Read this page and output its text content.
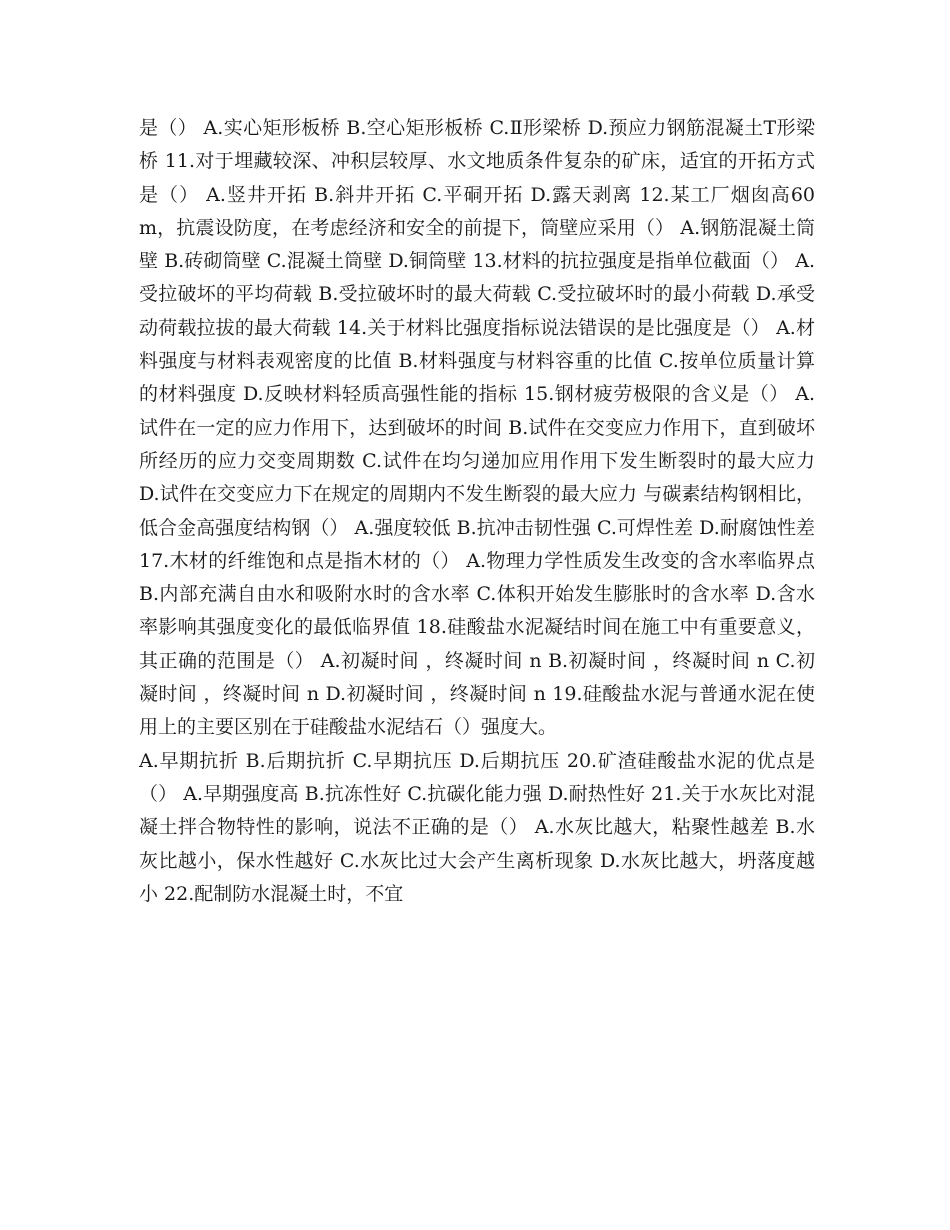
是（） A.实心矩形板桥 B.空心矩形板桥 C.Ⅱ形梁桥 D.预应力钢筋混凝土T形梁桥 11.对于埋藏较深、冲积层较厚、水文地质条件复杂的矿床，适宜的开拓方式是（） A.竖井开拓 B.斜井开拓 C.平硐开拓 D.露天剥离 12.某工厂烟囱高60m，抗震设防度，在考虑经济和安全的前提下，筒壁应采用（） A.钢筋混凝土筒壁 B.砖砌筒壁 C.混凝土筒壁 D.铜筒壁 13.材料的抗拉强度是指单位截面（） A.受拉破坏的平均荷载 B.受拉破坏时的最大荷载 C.受拉破坏时的最小荷载 D.承受动荷载拉拔的最大荷载 14.关于材料比强度指标说法错误的是比强度是（） A.材料强度与材料表观密度的比值 B.材料强度与材料容重的比值 C.按单位质量计算的材料强度 D.反映材料轻质高强性能的指标 15.钢材疲劳极限的含义是（） A.试件在一定的应力作用下，达到破坏的时间 B.试件在交变应力作用下，直到破坏所经历的应力交变周期数 C.试件在均匀递加应用作用下发生断裂时的最大应力 D.试件在交变应力下在规定的周期内不发生断裂的最大应力 与碳素结构钢相比，低合金高强度结构钢（） A.强度较低 B.抗冲击韧性强 C.可焊性差 D.耐腐蚀性差 17.木材的纤维饱和点是指木材的（） A.物理力学性质发生改变的含水率临界点 B.内部充满自由水和吸附水时的含水率 C.体积开始发生膨胀时的含水率 D.含水率影响其强度变化的最低临界值 18.硅酸盐水泥凝结时间在施工中有重要意义，其正确的范围是（） A.初凝时间 ，终凝时间 n B.初凝时间 ，终凝时间 n C.初凝时间 ，终凝时间 n D.初凝时间 ，终凝时间 n 19.硅酸盐水泥与普通水泥在使用上的主要区别在于硅酸盐水泥结石（）强度大。

A.早期抗折 B.后期抗折 C.早期抗压 D.后期抗压 20.矿渣硅酸盐水泥的优点是（） A.早期强度高 B.抗冻性好 C.抗碳化能力强 D.耐热性好 21.关于水灰比对混凝土拌合物特性的影响，说法不正确的是（） A.水灰比越大，粘聚性越差 B.水灰比越小，保水性越好 C.水灰比过大会产生离析现象 D.水灰比越大，坍落度越小 22.配制防水混凝土时，不宜
